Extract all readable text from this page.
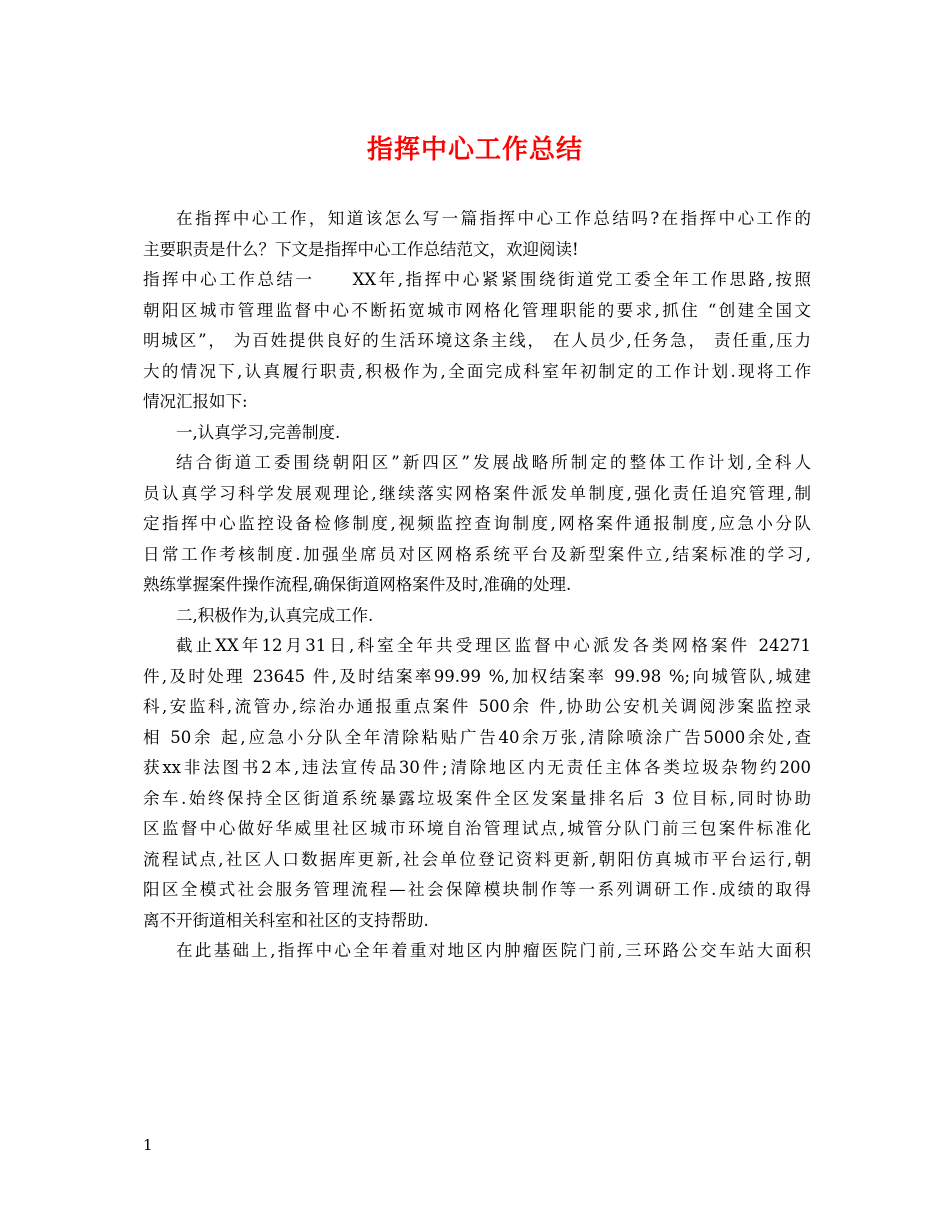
指挥中心工作总结
在指挥中心工作，知道该怎么写一篇指挥中心工作总结吗?在指挥中心工作的
主要职责是什么？下文是指挥中心工作总结范文，欢迎阅读!
指挥中心工作总结一　　XX年,指挥中心紧紧围绕街道党工委全年工作思路,按照
朝阳区城市管理监督中心不断拓宽城市网格化管理职能的要求,抓住 “创建全国文
明城区”， 为百姓提供良好的生活环境这条主线， 在人员少,任务急， 责任重,压力
大的情况下,认真履行职责,积极作为,全面完成科室年初制定的工作计划.现将工作
情况汇报如下:
一,认真学习,完善制度.
结合街道工委围绕朝阳区”新四区”发展战略所制定的整体工作计划,全科人
员认真学习科学发展观理论,继续落实网格案件派发单制度,强化责任追究管理,制
定指挥中心监控设备检修制度,视频监控查询制度,网格案件通报制度,应急小分队
日常工作考核制度.加强坐席员对区网格系统平台及新型案件立,结案标准的学习,
熟练掌握案件操作流程,确保街道网格案件及时,准确的处理.
二,积极作为,认真完成工作.
截止XX年12月31日,科室全年共受理区监督中心派发各类网格案件 24271
件,及时处理 23645 件,及时结案率99.99 %,加权结案率 99.98 %;向城管队,城建
科,安监科,流管办,综治办通报重点案件 500余 件,协助公安机关调阅涉案监控录
相 50余 起,应急小分队全年清除粘贴广告40余万张,清除喷涂广告5000余处,查
获xx非法图书2本,违法宣传品30件;清除地区内无责任主体各类垃圾杂物约200
余车.始终保持全区街道系统暴露垃圾案件全区发案量排名后 3 位目标,同时协助
区监督中心做好华威里社区城市环境自治管理试点,城管分队门前三包案件标准化
流程试点,社区人口数据库更新,社会单位登记资料更新,朝阳仿真城市平台运行,朝
阳区全模式社会服务管理流程—社会保障模块制作等一系列调研工作.成绩的取得
离不开街道相关科室和社区的支持帮助.
在此基础上,指挥中心全年着重对地区内肿瘤医院门前,三环路公交车站大面积
1
